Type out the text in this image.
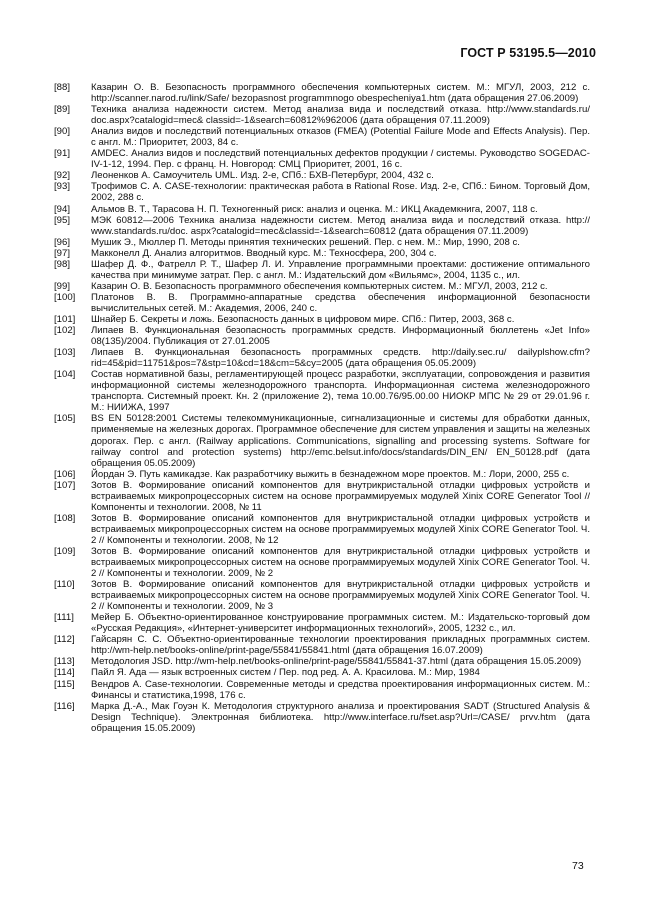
ГОСТ Р 53195.5—2010
[88]	Казарин О. В. Безопасность программного обеспечения компьютерных систем. М.: МГУЛ, 2003, 212 с. http://scanner.narod.ru/link/Safe/ bezopasnost programmnogo obespecheniya1.htm (дата обращения 27.06.2009)
[89]	Техника анализа надежности систем. Метод анализа вида и последствий отказа. http://www.standards.ru/ doc.aspx?catalogid=mec& classid=-1&search=60812%962006 (дата обращения 07.11.2009)
[90]	Анализ видов и последствий потенциальных отказов (FMEA) (Potential Failure Mode and Effects Analysis). Пер. с англ. М.: Приоритет, 2003, 84 с.
[91]	AMDEC. Анализ видов и последствий потенциальных дефектов продукции / системы. Руководство SOGEDAC-IV-1-12, 1994. Пер. с франц. Н. Новгород: СМЦ Приоритет, 2001, 16 с.
[92]	Леоненков А. Самоучитель UML. Изд. 2-е, СПб.: БХВ-Петербург, 2004, 432 с.
[93]	Трофимов С. А. CASE-технологии: практическая работа в Rational Rose. Изд. 2-е, СПб.: Бином. Торговый Дом, 2002, 288 с.
[94]	Альмов В. Т., Тарасова Н. П. Техногенный риск: анализ и оценка. М.: ИКЦ Академкнига, 2007, 118 с.
[95]	МЭК 60812—2006 Техника анализа надежности систем. Метод анализа вида и последствий отказа. http:// www.standards.ru/doc. aspx?catalogid=mec&classid=-1&search=60812 (дата обращения 07.11.2009)
[96]	Мушик Э., Мюллер П. Методы принятия технических решений. Пер. с нем. М.: Мир, 1990, 208 с.
[97]	Макконелл Д. Анализ алгоритмов. Вводный курс. М.: Техносфера, 200, 304 с.
[98]	Шафер Д. Ф., Фатрелл Р. Т., Шафер Л. И. Управление программными проектами: достижение оптимального качества при минимуме затрат. Пер. с англ. М.: Издательский дом «Вильямс», 2004, 1135 с., ил.
[99]	Казарин О. В. Безопасность программного обеспечения компьютерных систем. М.: МГУЛ, 2003, 212 с.
[100]	Платонов В. В. Программно-аппаратные средства обеспечения информационной безопасности вычислительных сетей. М.: Академия, 2006, 240 с.
[101]	Шнайер Б. Секреты и ложь. Безопасность данных в цифровом мире. СПб.: Питер, 2003, 368 с.
[102]	Липаев В. Функциональная безопасность программных средств. Информационный бюллетень «Jet Info» 08(135)/2004. Публикация от 27.01.2005
[103]	Липаев В. Функциональная безопасность программных средств. http://daily.sec.ru/ dailyplshow.cfm?rid=45&pid=11751&pos=7&stp=10&cd=18&cm=5&cy=2005 (дата обращения 05.05.2009)
[104]	Состав нормативной базы, регламентирующей процесс разработки, эксплуатации, сопровождения и развития информационной системы железнодорожного транспорта. Информационная система железнодорожного транспорта. Системный проект. Кн. 2 (приложение 2), тема 10.00.76/95.00.00 НИОКР МПС № 29 от 29.01.96 г. М.: НИИЖА, 1997
[105]	BS EN 50128:2001 Системы телекоммуникационные, сигнализационные и системы для обработки данных, применяемые на железных дорогах. Программное обеспечение для систем управления и защиты на железных дорогах. Пер. с англ. (Railway applications. Communications, signalling and processing systems. Software for railway control and protection systems) http://emc.belsut.info/docs/standards/DIN_EN/ EN_50128.pdf (дата обращения 05.05.2009)
[106]	Йордан Э. Путь камикадзе. Как разработчику выжить в безнадежном море проектов. М.: Лори, 2000, 255 с.
[107]	Зотов В. Формирование описаний компонентов для внутрикристальной отладки цифровых устройств и встраиваемых микропроцессорных систем на основе программируемых модулей Xinix CORE Generator Tool // Компоненты и технологии. 2008, № 11
[108]	Зотов В. Формирование описаний компонентов для внутрикристальной отладки цифровых устройств и встраиваемых микропроцессорных систем на основе программируемых модулей Xinix CORE Generator Tool. Ч. 2 // Компоненты и технологии. 2008, № 12
[109]	Зотов В. Формирование описаний компонентов для внутрикристальной отладки цифровых устройств и встраиваемых микропроцессорных систем на основе программируемых модулей Xinix CORE Generator Tool. Ч. 2 // Компоненты и технологии. 2009, № 2
[110]	Зотов В. Формирование описаний компонентов для внутрикристальной отладки цифровых устройств и встраиваемых микропроцессорных систем на основе программируемых модулей Xinix CORE Generator Tool. Ч. 2 // Компоненты и технологии. 2009, № 3
[111]	Мейер Б. Объектно-ориентированное конструирование программных систем. М.: Издательско-торговый дом «Русская Редакция», «Интернет-университет информационных технологий», 2005, 1232 с., ил.
[112]	Гайсарян С. С. Объектно-ориентированные технологии проектирования прикладных программных систем. http://wm-help.net/books-online/print-page/55841/55841.html (дата обращения 16.07.2009)
[113]	Методология JSD. http://wm-help.net/books-online/print-page/55841/55841-37.html (дата обращения 15.05.2009)
[114]	Пайл Я. Ада — язык встроенных систем / Пер. под ред. А. А. Красилова. М.: Мир, 1984
[115]	Вендров А. Case-технологии. Современные методы и средства проектирования информационных систем. М.: Финансы и статистика,1998, 176 с.
[116]	Марка Д.-А., Мак Гоуэн К. Методология структурного анализа и проектирования SADT (Structured Analysis & Design Technique). Электронная библиотека. http://www.interface.ru/fset.asp?Url=/CASE/ prvv.htm (дата обращения 15.05.2009)
73
